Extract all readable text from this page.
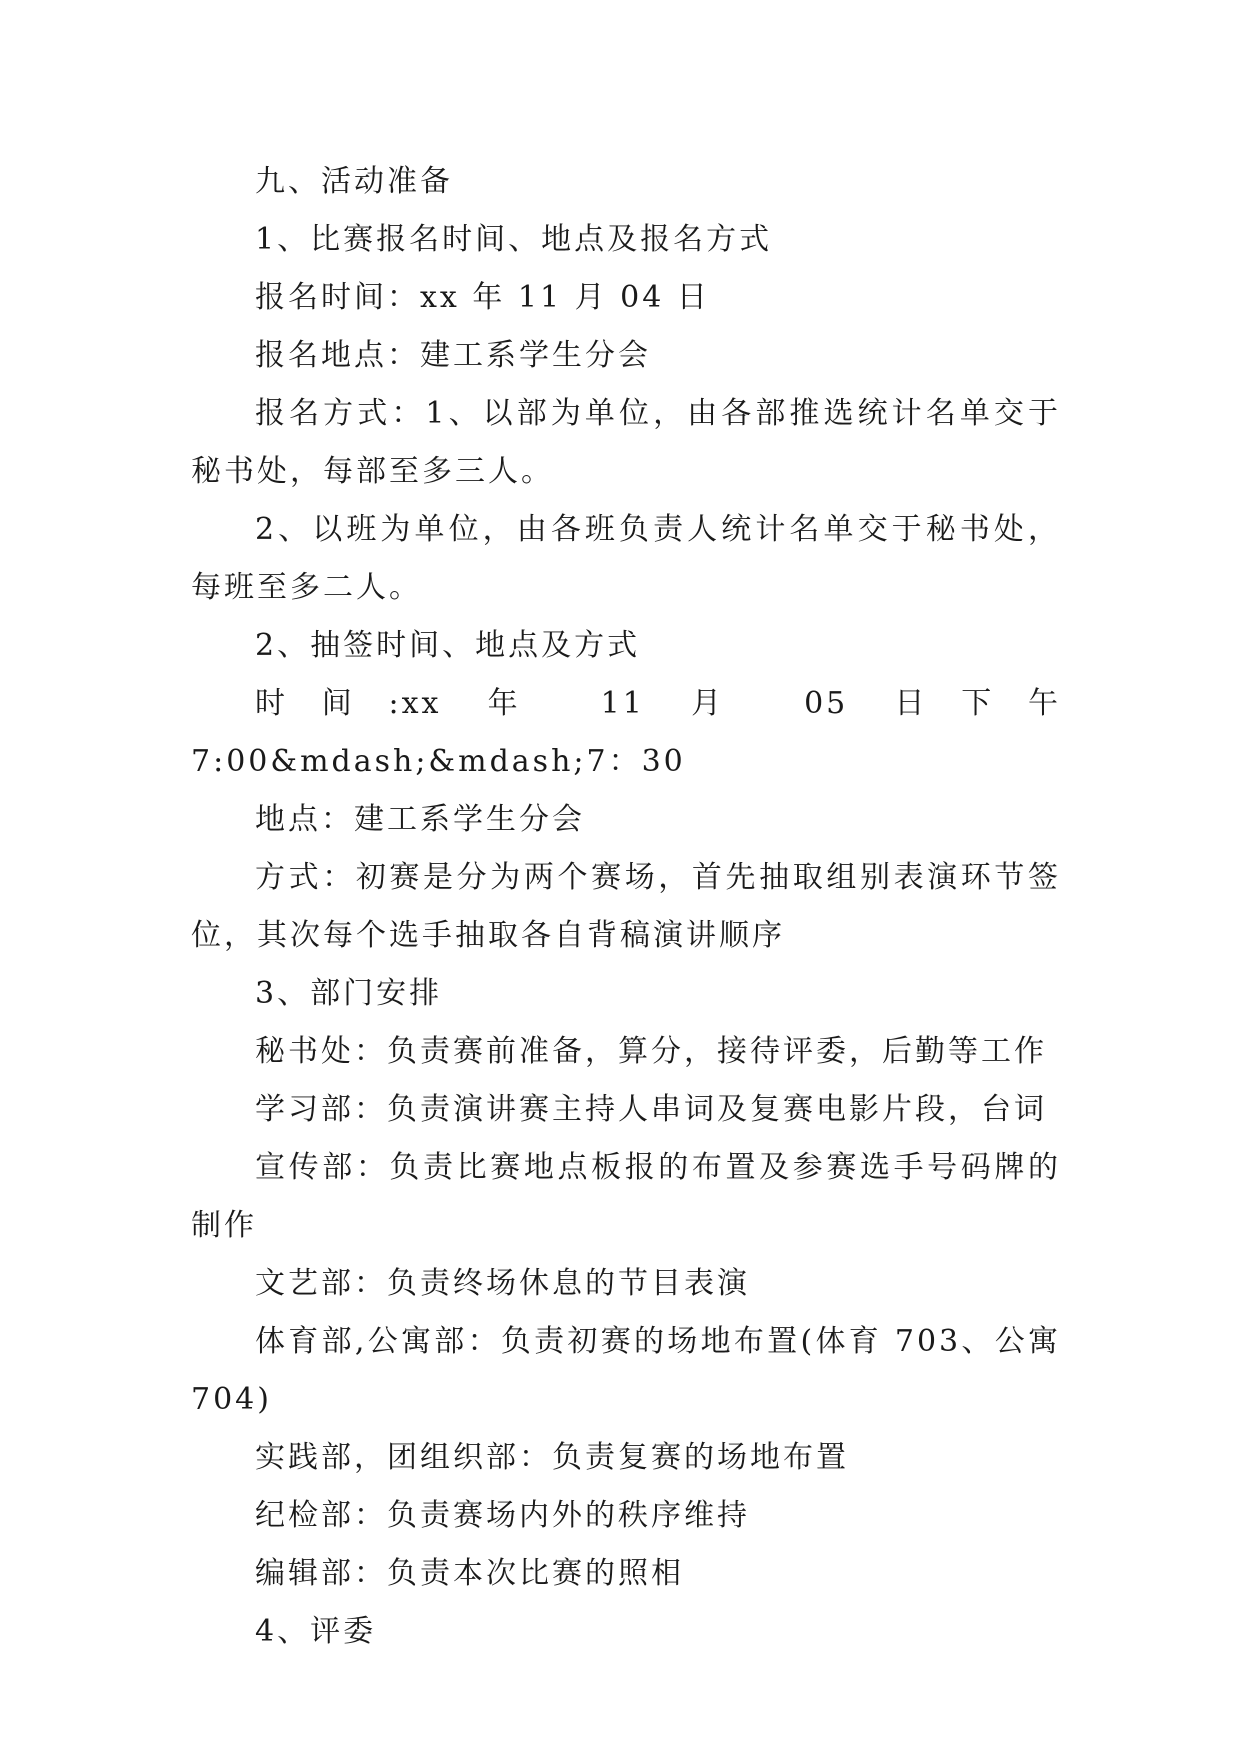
九、活动准备

1、比赛报名时间、地点及报名方式

报名时间：xx 年 11 月 04 日

报名地点：建工系学生分会

报名方式：1、以部为单位，由各部推选统计名单交于秘书处，每部至多三人。

2、以班为单位，由各班负责人统计名单交于秘书处，每班至多二人。

2、抽签时间、地点及方式

时间:xx 年 11 月 05 日下午 7:00&mdash;&mdash;7：30

地点：建工系学生分会

方式：初赛是分为两个赛场，首先抽取组别表演环节签位，其次每个选手抽取各自背稿演讲顺序

3、部门安排

秘书处：负责赛前准备，算分，接待评委，后勤等工作

学习部：负责演讲赛主持人串词及复赛电影片段，台词

宣传部：负责比赛地点板报的布置及参赛选手号码牌的制作

文艺部：负责终场休息的节目表演

体育部,公寓部：负责初赛的场地布置(体育 703、公寓 704)

实践部，团组织部：负责复赛的场地布置

纪检部：负责赛场内外的秩序维持

编辑部：负责本次比赛的照相

4、评委
